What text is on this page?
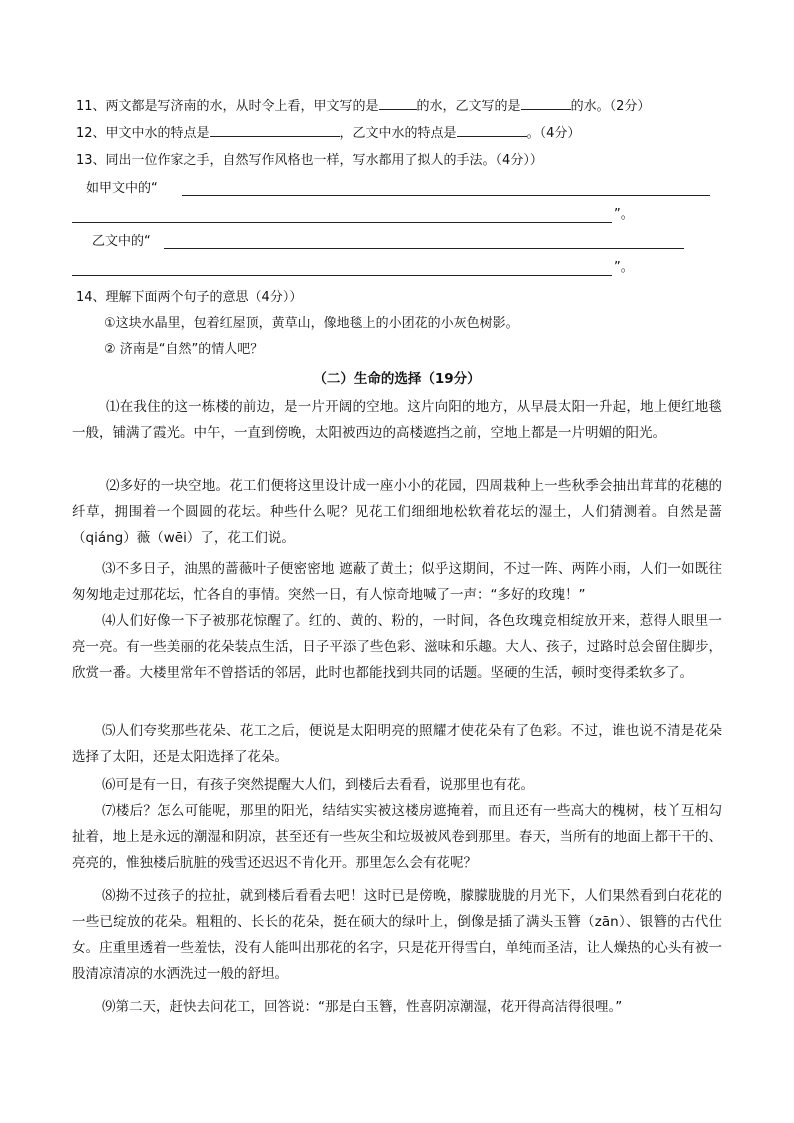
11、两文都是写济南的水，从时令上看，甲文写的是	的水，乙文写的是	的水。（2分）
12、甲文中水的特点是	，乙文中水的特点是	。（4分）
13、同出一位作家之手，自然写作风格也一样，写水都用了拟人的手法。（4分））
如甲文中的“
”。
乙文中的“
”。
14、理解下面两个句子的意思（4分））
①这块水晶里，包着红屋顶，黄草山，像地毯上的小团花的小灰色树影。
② 济南是“自然”的情人吧？
（二）生命的选择（19分）
⑴在我住的这一栋楼的前边，是一片开阔的空地。这片向阳的地方，从早晨太阳一升起，地上便红地毯一般，铺满了霞光。中午，一直到傍晚，太阳被西边的高楼遮挡之前，空地上都是一片明媚的阳光。
⑵多好的一块空地。花工们便将这里设计成一座小小的花园，四周栽种上一些秋季会抽出茸茸的花穗的纤草，拥围着一个圆圆的花坛。种些什么呢？见花工们细细地松软着花坛的湿土，人们猜测着。自然是蔷（qiáng）薇（wēi）了，花工们说。
⑶不多日子，油黑的蔷薇叶子便密密地 遮蔽了黄土；似乎这期间，不过一阵、两阵小雨，人们一如既往匆匆地走过那花坛，忙各自的事情。突然一日，有人惊奇地喊了一声：“多好的玫瑰！”
⑷人们好像一下子被那花惊醒了。红的、黄的、粉的，一时间，各色玫瑰竞相绽放开来，惹得人眼里一亮一亮。有一些美丽的花朵装点生活，日子平添了些色彩、滋味和乐趣。大人、孩子，过路时总会留住脚步，欣赏一番。大楼里常年不曾搭话的邻居，此时也都能找到共同的话题。坚硬的生活，顿时变得柔软多了。
⑸人们夸奖那些花朵、花工之后，便说是太阳明亮的照耀才使花朵有了色彩。不过，谁也说不清是花朵选择了太阳，还是太阳选择了花朵。
⑹可是有一日，有孩子突然提醒大人们，到楼后去看看，说那里也有花。
⑺楼后？怎么可能呢，那里的阳光，结结实实被这楼房遮掩着，而且还有一些高大的槐树，枝丫互相勾扯着，地上是永远的潮湿和阴凉，甚至还有一些灰尘和垃圾被风卷到那里。春天，当所有的地面上都干干的、亮亮的，惟独楼后肮脏的残雪还迟迟不肯化开。那里怎么会有花呢？
⑻拗不过孩子的拉扯，就到楼后看看去吧！这时已是傍晚，朦朦胧胧的月光下，人们果然看到白花花的一些已绽放的花朵。粗粗的、长长的花朵，挺在硕大的绿叶上，倒像是插了满头玉簪（zān）、银簪的古代仕女。庄重里透着一些羞怯，没有人能叫出那花的名字，只是花开得雪白，单纯而圣洁，让人燥热的心头有被一股清凉清凉的水洒洗过一般的舒坦。
⑼第二天，赶快去问花工，回答说：“那是白玉簪，性喜阴凉潮湿，花开得高洁得很哩。”
